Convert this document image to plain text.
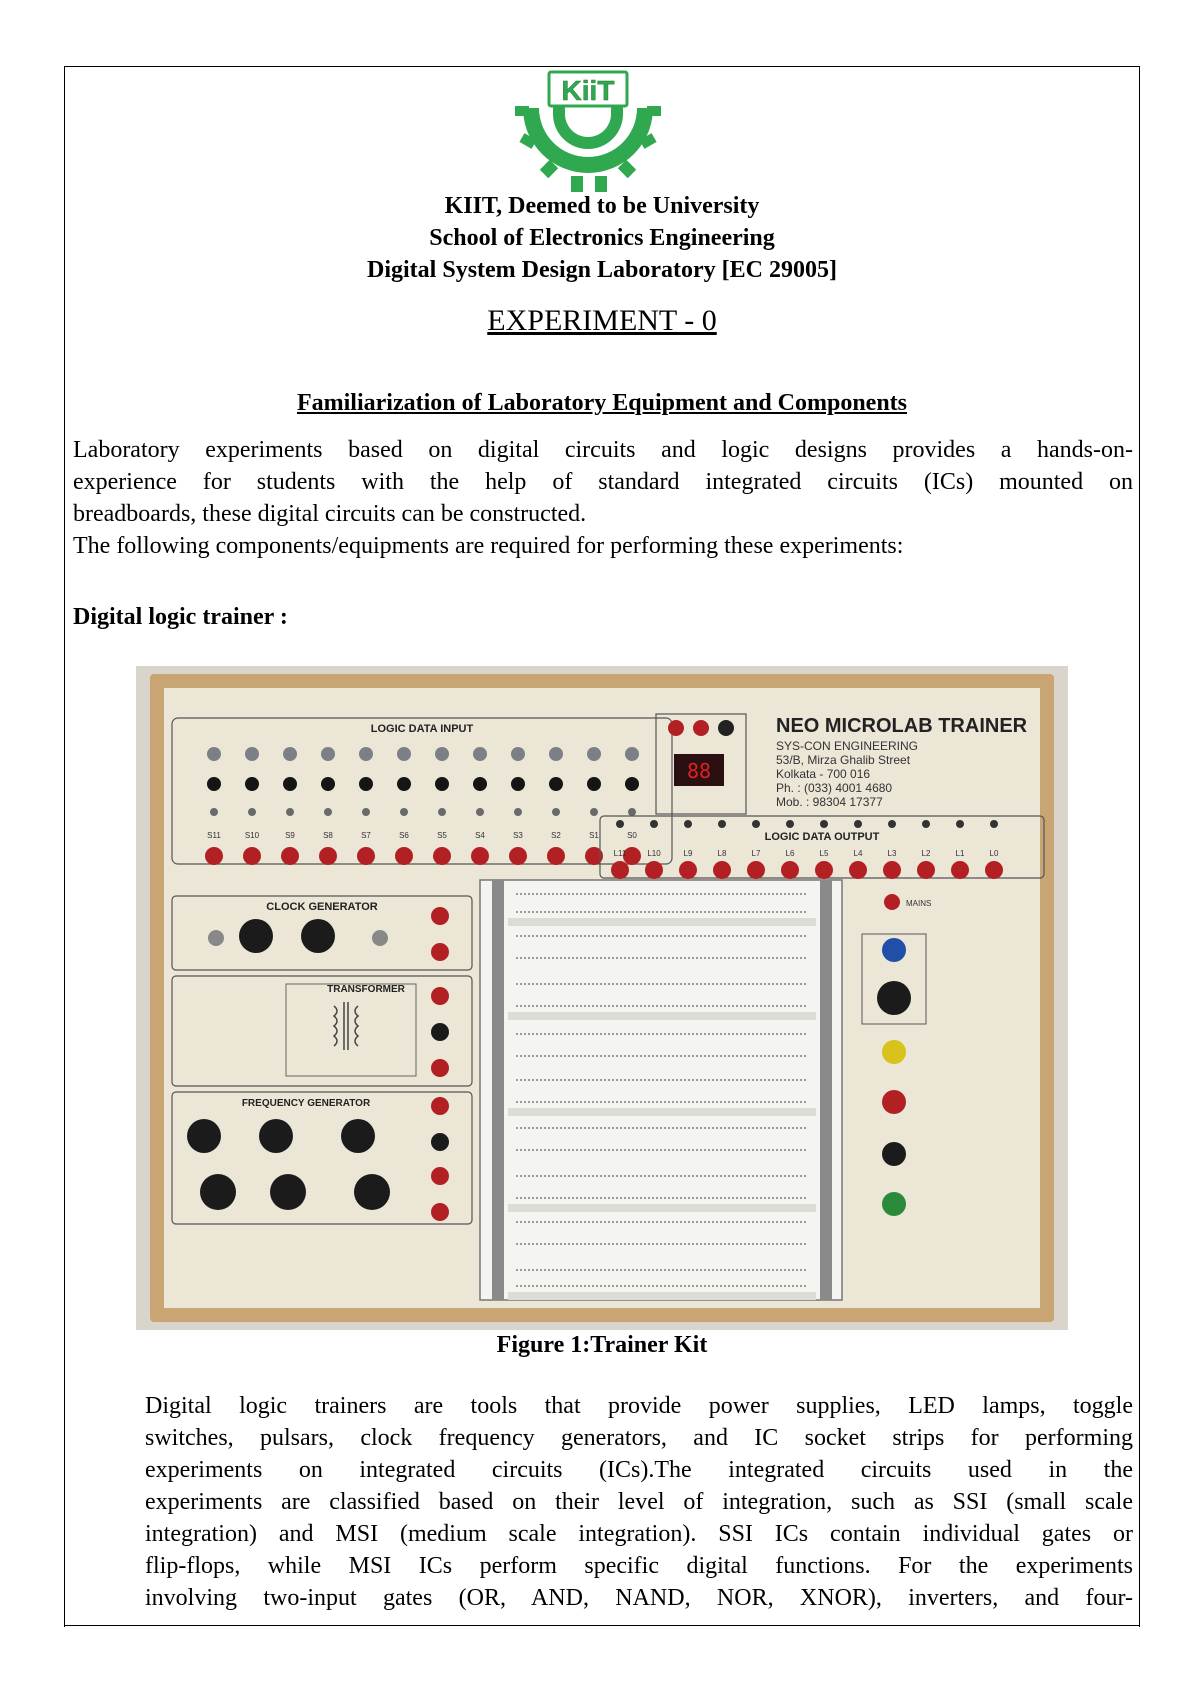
KiiT
KIIT, Deemed to be University
School of Electronics Engineering
Digital System Design Laboratory [EC 29005]
EXPERIMENT - 0
Familiarization of Laboratory Equipment and Components
Laboratory experiments based on digital circuits and logic designs provides a hands-on-
experience for students with the help of standard integrated circuits (ICs) mounted on
breadboards, these digital circuits can be constructed.
The following components/equipments are required for performing these experiments:
Digital logic trainer :
LOGIC DATA INPUT
S11	S10	S9	S8	S7	S6	S5	S4	S3	S2	S1	S0
88
NEO MICROLAB TRAINER
SYS-CON ENGINEERING
53/B, Mirza Ghalib Street
Kolkata - 700 016
Ph. : (033) 4001 4680
Mob. : 98304 17377
LOGIC DATA OUTPUT
L11	L10	L9	L8	L7	L6	L5	L4	L3	L2	L1	L0
CLOCK GENERATOR
TRANSFORMER
FREQUENCY GENERATOR
MAINS
Figure 1:Trainer Kit
Digital logic trainers are tools that provide power supplies, LED lamps, toggle
switches, pulsars, clock frequency generators, and IC socket strips for performing
experiments on integrated circuits (ICs).The integrated circuits used in the
experiments are classified based on their level of integration, such as SSI (small scale
integration) and MSI (medium scale integration). SSI ICs contain individual gates or
flip-flops, while MSI ICs perform specific digital functions. For the experiments
involving two-input gates (OR, AND, NAND, NOR, XNOR), inverters, and four-
